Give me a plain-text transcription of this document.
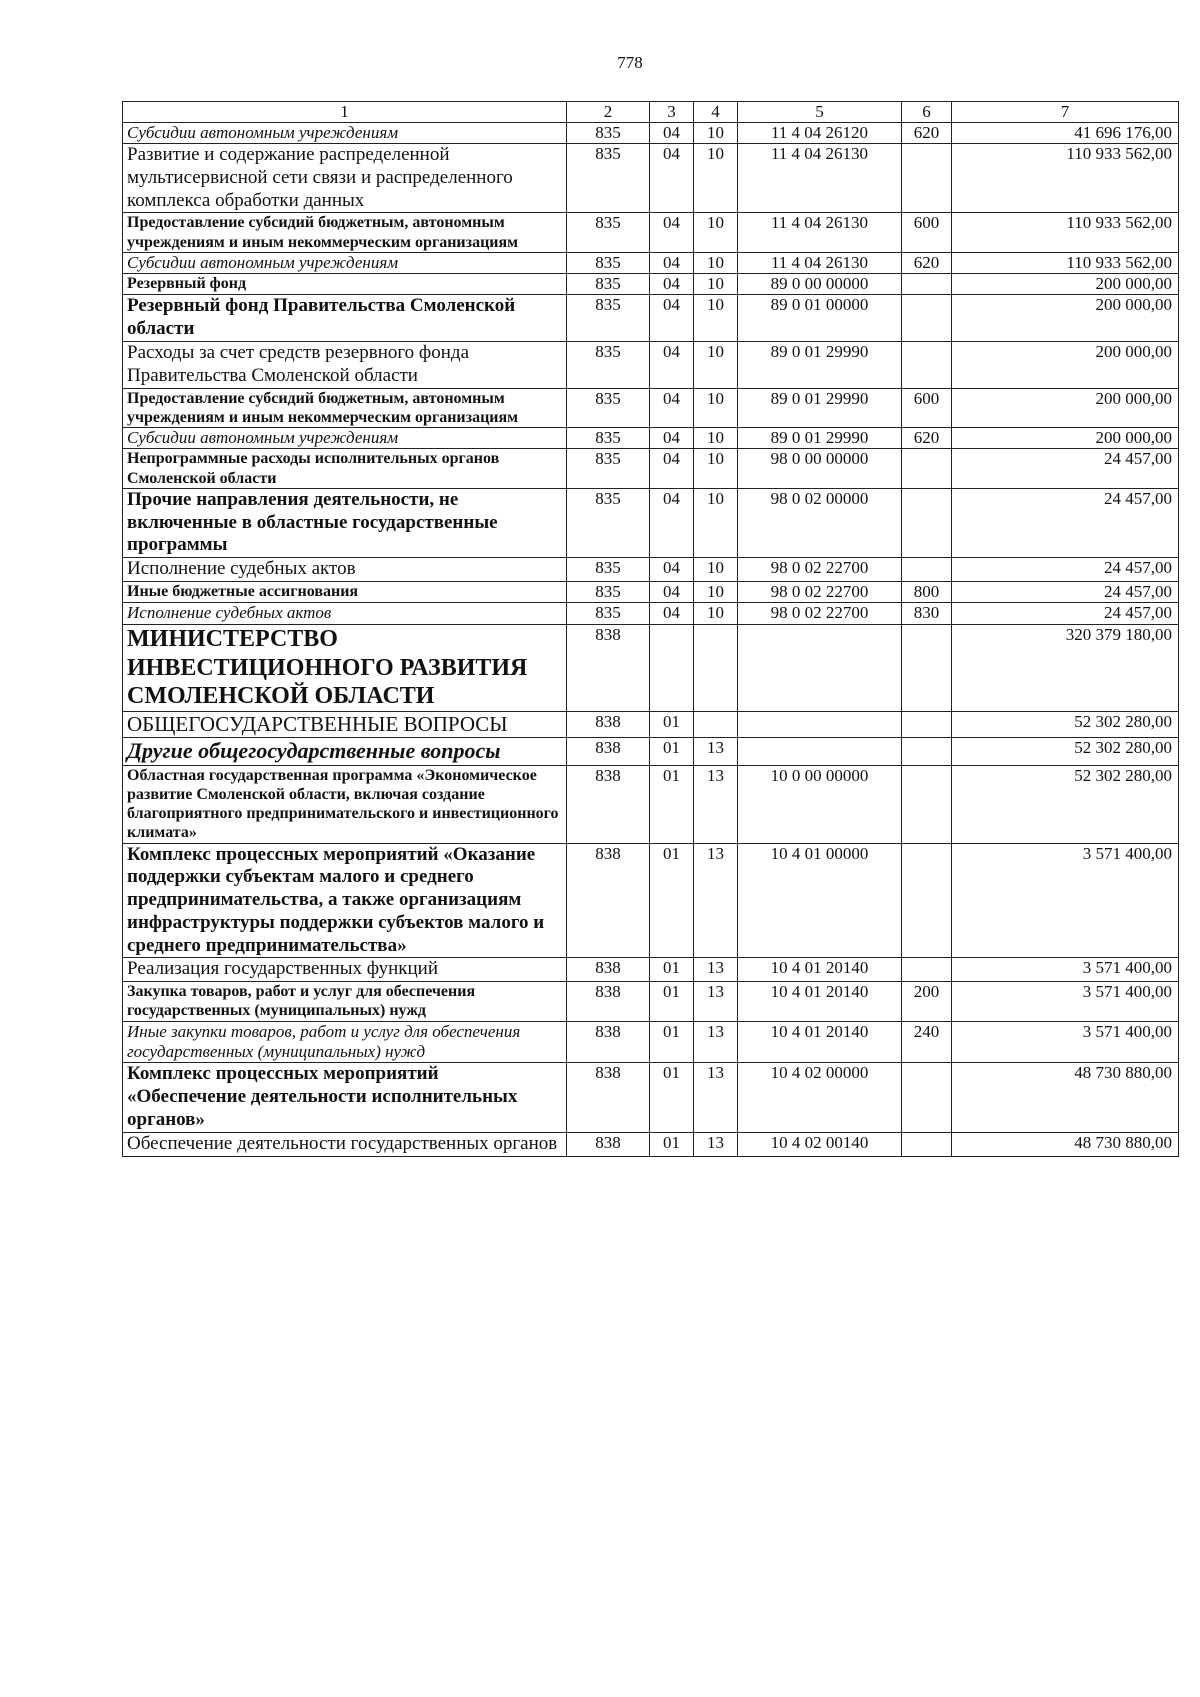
778
1	2	3	4	5	6	7
Субсидии автономным учреждениям	835	04	10	11 4 04 26120	620	41 696 176,00
Развитие и содержание распределенной мультисервисной сети связи и распределенного комплекса обработки данных	835	04	10	11 4 04 26130		110 933 562,00
Предоставление субсидий бюджетным, автономным учреждениям и иным некоммерческим организациям	835	04	10	11 4 04 26130	600	110 933 562,00
Субсидии автономным учреждениям	835	04	10	11 4 04 26130	620	110 933 562,00
Резервный фонд	835	04	10	89 0 00 00000		200 000,00
Резервный фонд Правительства Смоленской области	835	04	10	89 0 01 00000		200 000,00
Расходы за счет средств резервного фонда Правительства Смоленской области	835	04	10	89 0 01 29990		200 000,00
Предоставление субсидий бюджетным, автономным учреждениям и иным некоммерческим организациям	835	04	10	89 0 01 29990	600	200 000,00
Субсидии автономным учреждениям	835	04	10	89 0 01 29990	620	200 000,00
Непрограммные расходы исполнительных органов Смоленской области	835	04	10	98 0 00 00000		24 457,00
Прочие направления деятельности, не включенные в областные государственные программы	835	04	10	98 0 02 00000		24 457,00
Исполнение судебных актов	835	04	10	98 0 02 22700		24 457,00
Иные бюджетные ассигнования	835	04	10	98 0 02 22700	800	24 457,00
Исполнение судебных актов	835	04	10	98 0 02 22700	830	24 457,00
МИНИСТЕРСТВО ИНВЕСТИЦИОННОГО РАЗВИТИЯ СМОЛЕНСКОЙ ОБЛАСТИ	838					320 379 180,00
ОБЩЕГОСУДАРСТВЕННЫЕ ВОПРОСЫ	838	01				52 302 280,00
Другие общегосударственные вопросы	838	01	13			52 302 280,00
Областная государственная программа «Экономическое развитие Смоленской области, включая создание благоприятного предпринимательского и инвестиционного климата»	838	01	13	10 0 00 00000		52 302 280,00
Комплекс процессных мероприятий «Оказание поддержки субъектам малого и среднего предпринимательства, а также организациям инфраструктуры поддержки субъектов малого и среднего предпринимательства»	838	01	13	10 4 01 00000		3 571 400,00
Реализация государственных функций	838	01	13	10 4 01 20140		3 571 400,00
Закупка товаров, работ и услуг для обеспечения государственных (муниципальных) нужд	838	01	13	10 4 01 20140	200	3 571 400,00
Иные закупки товаров, работ и услуг для обеспечения государственных (муниципальных) нужд	838	01	13	10 4 01 20140	240	3 571 400,00
Комплекс процессных мероприятий «Обеспечение деятельности исполнительных органов»	838	01	13	10 4 02 00000		48 730 880,00
Обеспечение деятельности государственных органов	838	01	13	10 4 02 00140		48 730 880,00
